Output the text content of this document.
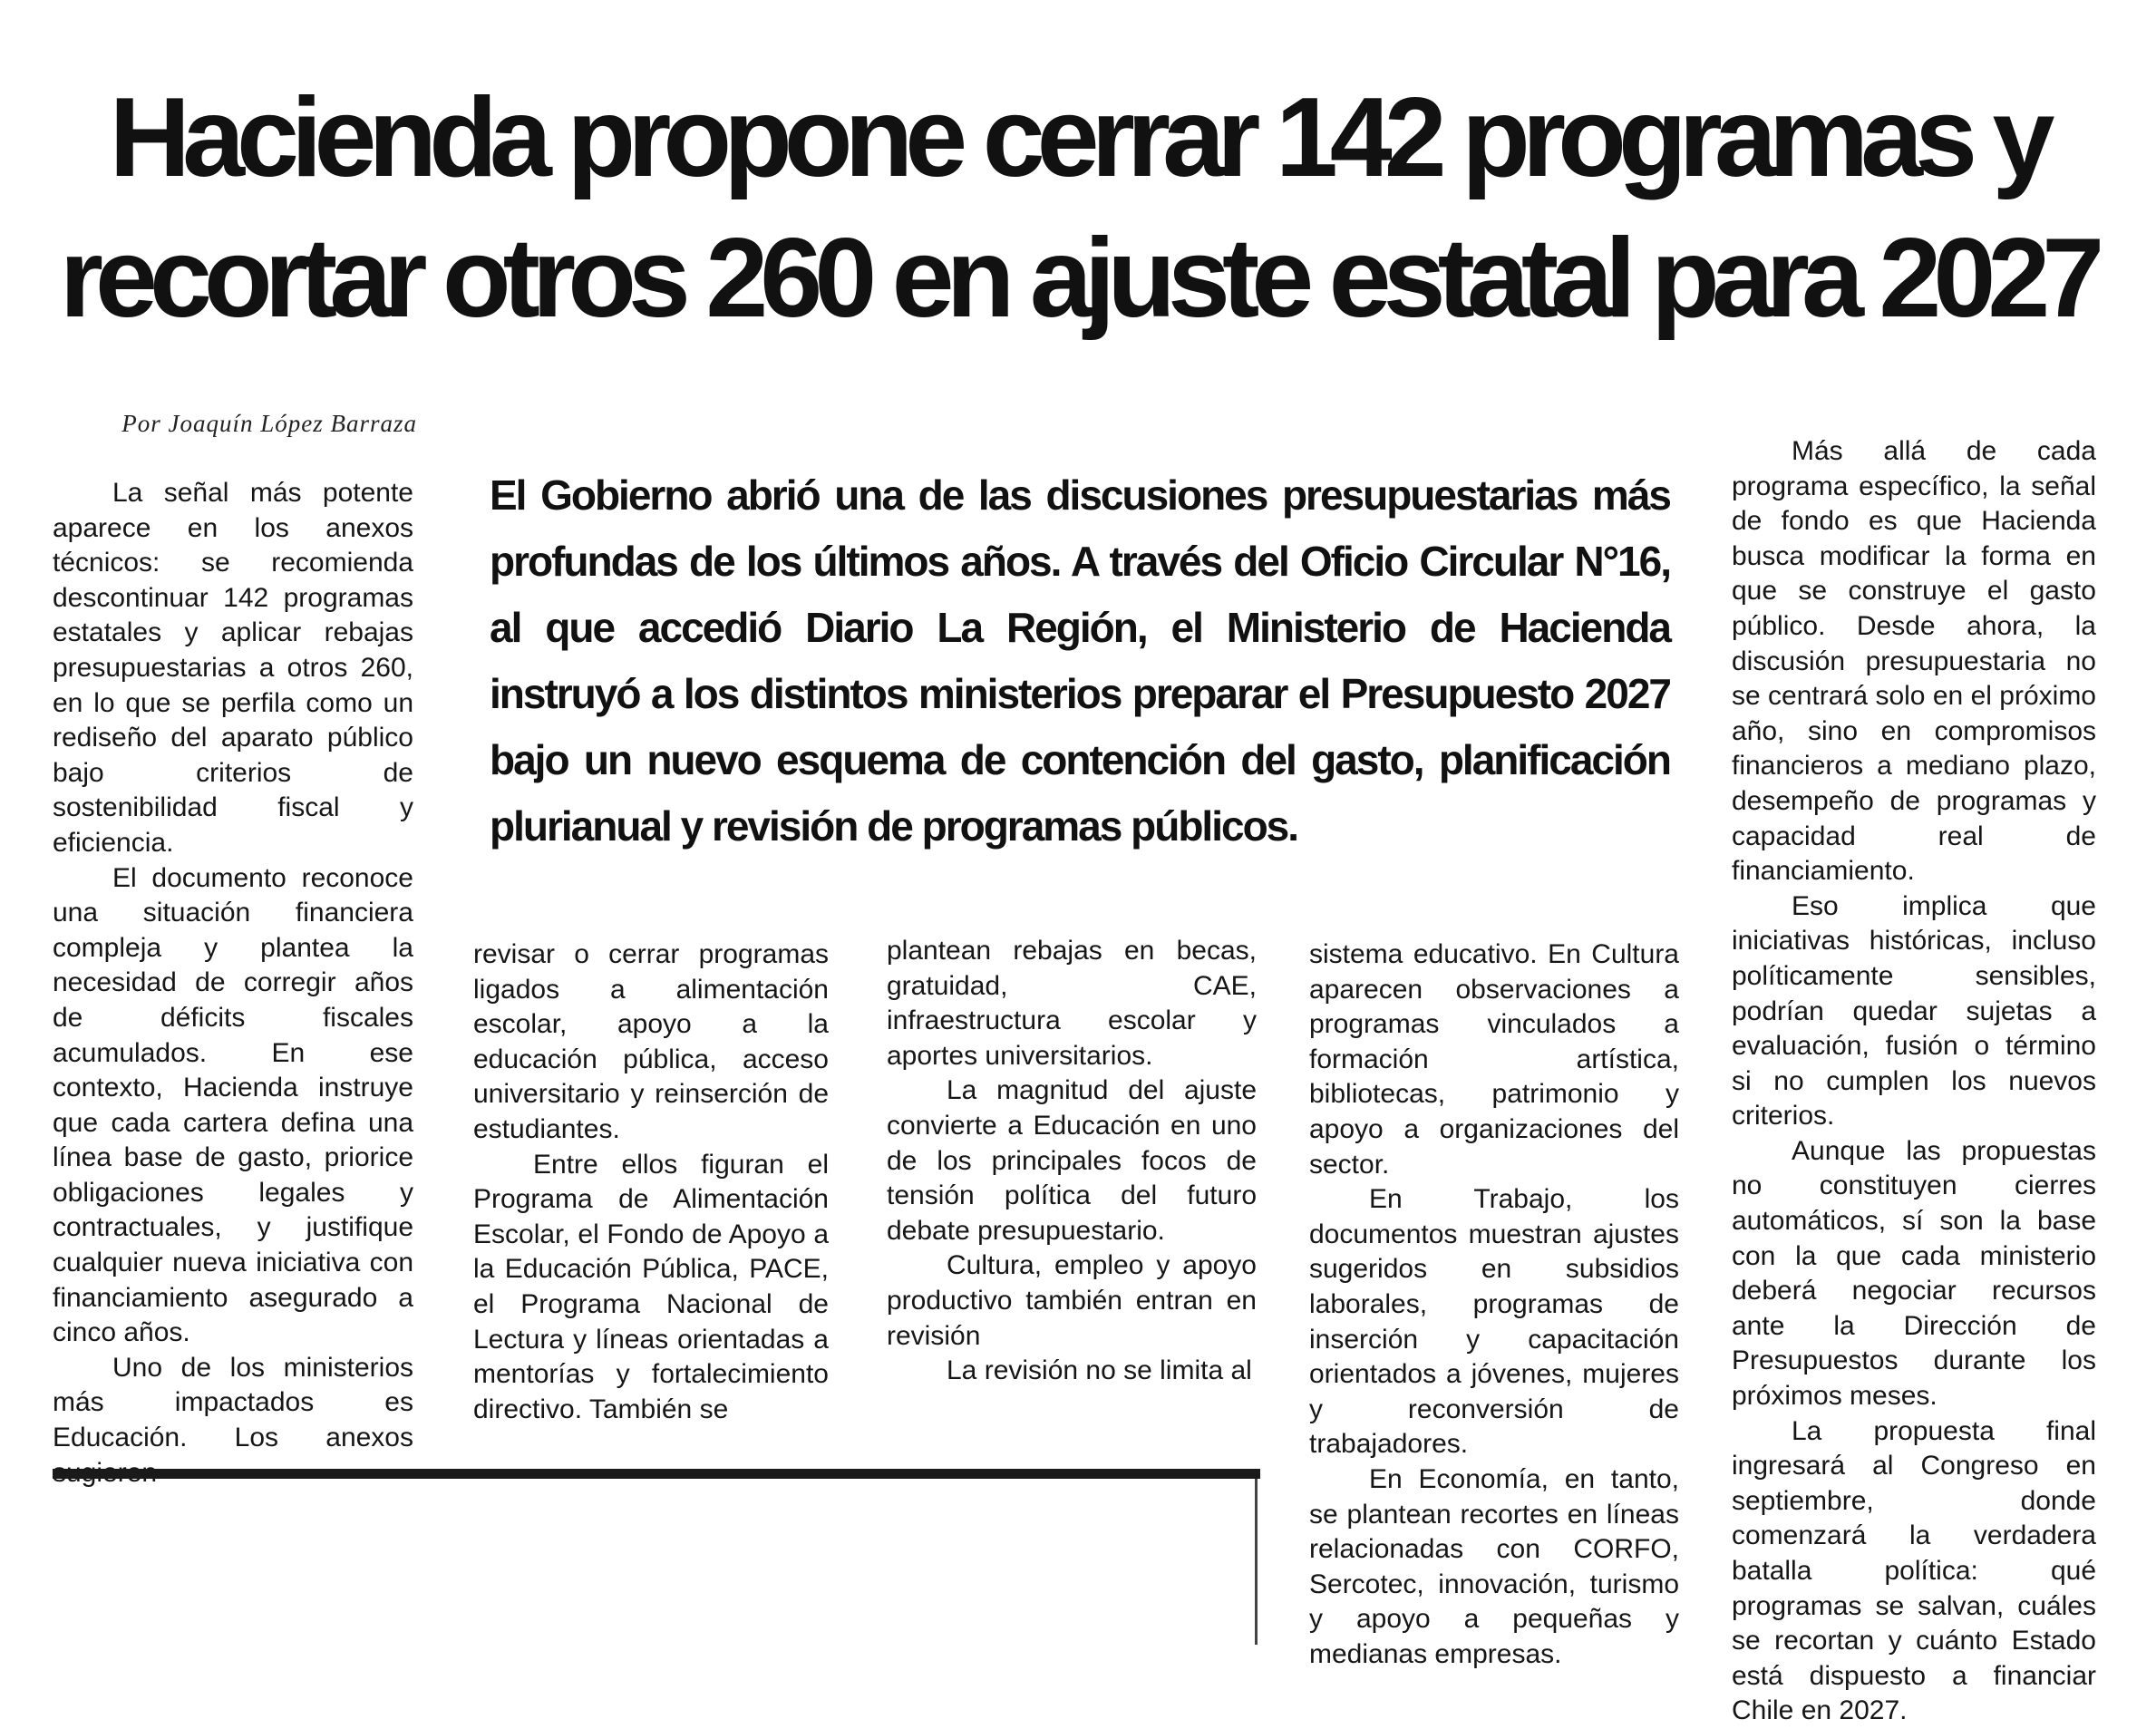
Hacienda propone cerrar 142 programas y
recortar otros 260 en ajuste estatal para 2027
Por Joaquín López Barraza
El Gobierno abrió una de las discusiones presupuestarias más profundas de los últimos años. A través del Oficio Circular N°16, al que accedió Diario La Región, el Ministerio de Hacienda instruyó a los distintos ministerios preparar el Presupuesto 2027 bajo un nuevo esquema de contención del gasto, planificación plurianual y revisión de programas públicos.

La señal más potente aparece en los anexos técnicos: se recomienda descontinuar 142 programas estatales y aplicar rebajas presupuestarias a otros 260, en lo que se perfila como un rediseño del aparato público bajo criterios de sostenibilidad fiscal y eficiencia.

El documento reconoce una situación financiera compleja y plantea la necesidad de corregir años de déficits fiscales acumulados. En ese contexto, Hacienda instruye que cada cartera defina una línea base de gasto, priorice obligaciones legales y contractuales, y justifique cualquier nueva iniciativa con financiamiento asegurado a cinco años.

Uno de los ministerios más impactados es Educación. Los anexos

revisar o cerrar programas ligados a alimentación escolar, apoyo a la educación pública, acceso universitario y reinserción de estudiantes.

Entre ellos figuran el Programa de Alimentación Escolar, el Fondo de Apoyo a la Educación Pública, PACE, el Programa Nacional de Lectura y líneas orientadas a mentorías y fortalecimiento directivo. También se

plantean rebajas en becas, gratuidad, CAE, infraestructura escolar y aportes universitarios.

La magnitud del ajuste convierte a Educación en uno de los principales focos de tensión política del futuro debate presupuestario.

Cultura, empleo y apoyo productivo también entran en revisión

La revisión no se limita al

sistema educativo. En Cultura aparecen observaciones a programas vinculados a formación artística, bibliotecas, patrimonio y apoyo a organizaciones del sector.

En Trabajo, los documentos muestran ajustes sugeridos en subsidios laborales, programas de inserción y capacitación orientados a jóvenes, mujeres y reconversión de trabajadores.

En Economía, en tanto, se plantean recortes en líneas relacionadas con CORFO, Sercotec, innovación, turismo y apoyo a pequeñas y medianas empresas.

Más allá de cada programa específico, la señal de fondo es que Hacienda busca modificar la forma en que se construye el gasto público. Desde ahora, la discusión presupuestaria no se centrará solo en el próximo año, sino en compromisos financieros a mediano plazo, desempeño de programas y capacidad real de financiamiento.

Eso implica que iniciativas históricas, incluso políticamente sensibles, podrían quedar sujetas a evaluación, fusión o término si no cumplen los nuevos criterios.

Aunque las propuestas no constituyen cierres automáticos, sí son la base con la que cada ministerio deberá negociar recursos ante la Dirección de Presupuestos durante los próximos meses.

La propuesta final ingresará al Congreso en septiembre, donde comenzará la verdadera batalla política: qué programas se salvan, cuáles se recortan y cuánto Estado está dispuesto a financiar Chile en 2027.
